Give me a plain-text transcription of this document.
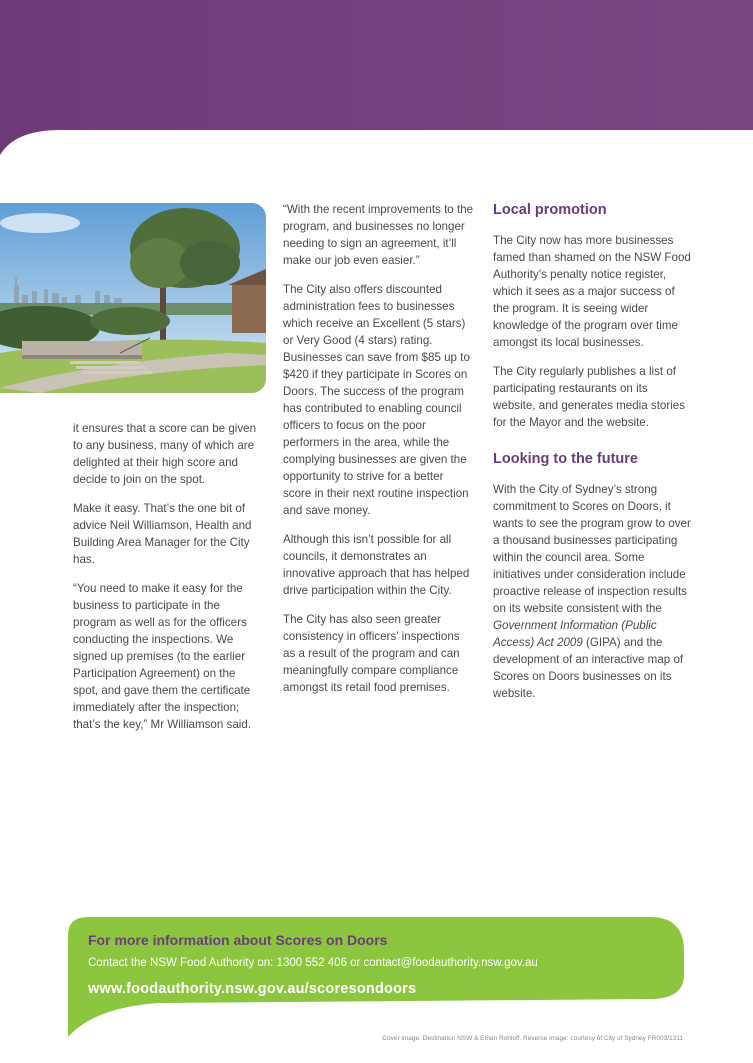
it ensures that a score can be given to any business, many of which are delighted at their high score and decide to join on the spot.

Make it easy. That’s the one bit of advice Neil Williamson, Health and Building Area Manager for the City has.

“You need to make it easy for the business to participate in the program as well as for the officers conducting the inspections. We signed up premises (to the earlier Participation Agreement) on the spot, and gave them the certificate immediately after the inspection; that’s the key,” Mr Williamson said.

“With the recent improvements to the program, and businesses no longer needing to sign an agreement, it’ll make our job even easier.”

The City also offers discounted administration fees to businesses which receive an Excellent (5 stars) or Very Good (4 stars) rating. Businesses can save from $85 up to $420 if they participate in Scores on Doors. The success of the program has contributed to enabling council officers to focus on the poor performers in the area, while the complying businesses are given the opportunity to strive for a better score in their next routine inspection and save money.

Although this isn’t possible for all councils, it demonstrates an innovative approach that has helped drive participation within the City.

The City has also seen greater consistency in officers’ inspections as a result of the program and can meaningfully compare compliance amongst its retail food premises.

Local promotion

The City now has more businesses famed than shamed on the NSW Food Authority’s penalty notice register, which it sees as a major success of the program. It is seeing wider knowledge of the program over time amongst its local businesses.

The City regularly publishes a list of participating restaurants on its website, and generates media stories for the Mayor and the website.

Looking to the future

With the City of Sydney’s strong commitment to Scores on Doors, it wants to see the program grow to over a thousand businesses participating within the council area. Some initiatives under consideration include proactive release of inspection results on its website consistent with the Government Information (Public Access) Act 2009 (GIPA) and the development of an interactive map of Scores on Doors businesses on its website.

For more information about Scores on Doors
Contact the NSW Food Authority on: 1300 552 406 or contact@foodauthority.nsw.gov.au
www.foodauthority.nsw.gov.au/scoresondoors
Cover image: Destination NSW & Ethan Rohloff. Reverse image: courtesy of City of Sydney FR003/1311
